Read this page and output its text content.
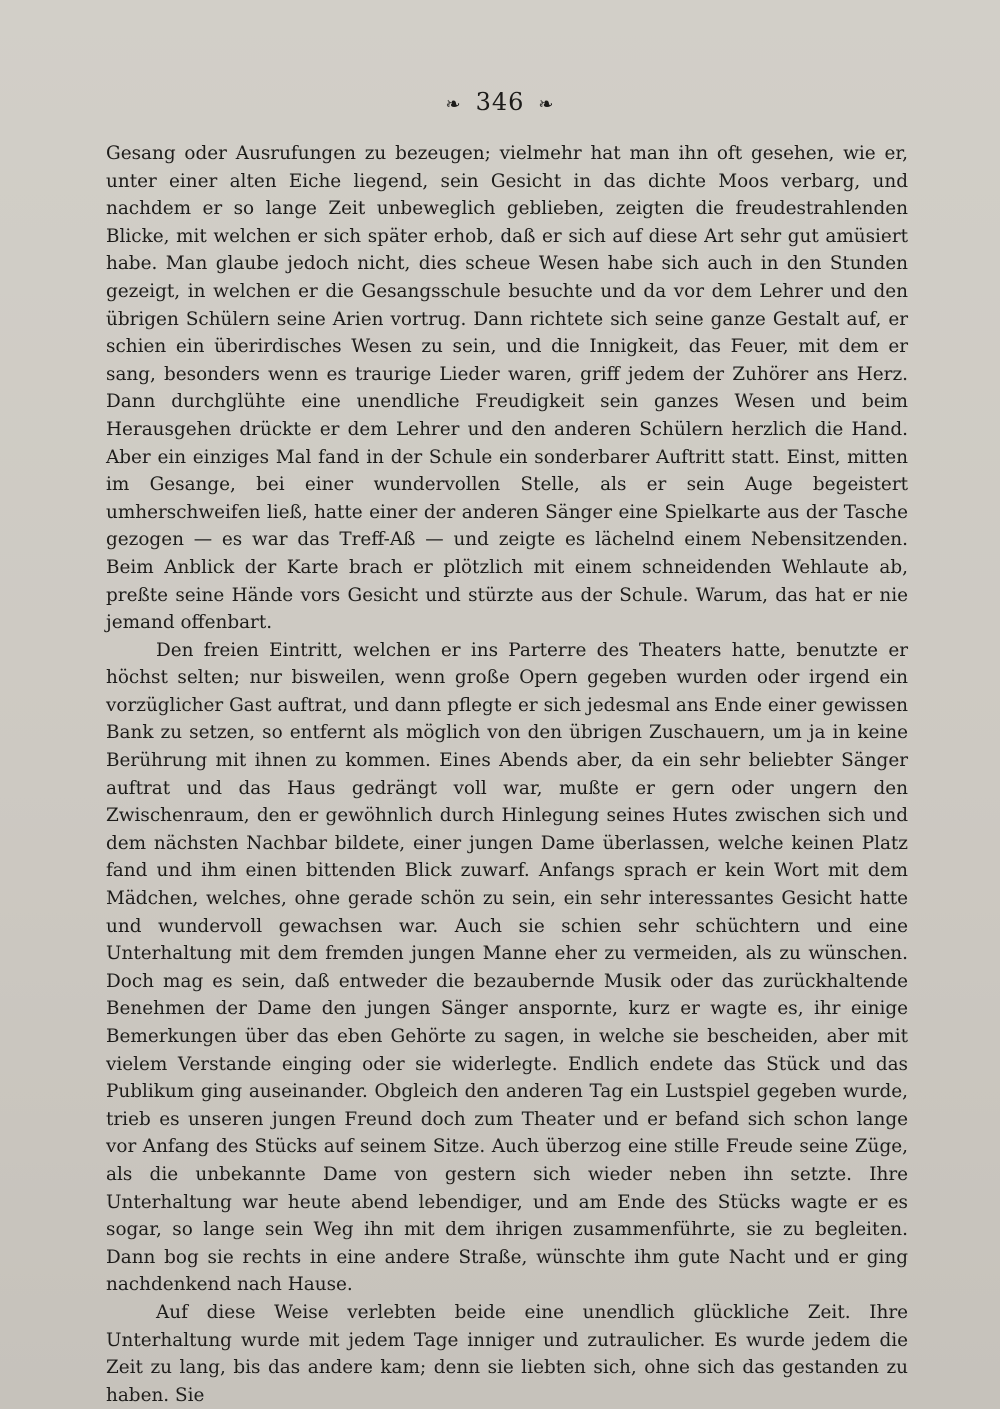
❧ 346 ❧

Gesang oder Ausrufungen zu bezeugen; vielmehr hat man ihn oft gesehen, wie er, unter einer alten Eiche liegend, sein Gesicht in das dichte Moos verbarg, und nachdem er so lange Zeit unbeweglich geblieben, zeigten die freudestrahlenden Blicke, mit welchen er sich später erhob, daß er sich auf diese Art sehr gut amüsiert habe. Man glaube jedoch nicht, dies scheue Wesen habe sich auch in den Stunden gezeigt, in welchen er die Gesangsschule besuchte und da vor dem Lehrer und den übrigen Schülern seine Arien vortrug. Dann richtete sich seine ganze Gestalt auf, er schien ein überirdisches Wesen zu sein, und die Innigkeit, das Feuer, mit dem er sang, besonders wenn es traurige Lieder waren, griff jedem der Zuhörer ans Herz. Dann durchglühte eine unendliche Freudigkeit sein ganzes Wesen und beim Herausgehen drückte er dem Lehrer und den anderen Schülern herzlich die Hand. Aber ein einziges Mal fand in der Schule ein sonderbarer Auftritt statt. Einst, mitten im Gesange, bei einer wundervollen Stelle, als er sein Auge begeistert umherschweifen ließ, hatte einer der anderen Sänger eine Spielkarte aus der Tasche gezogen — es war das Treff-Aß — und zeigte es lächelnd einem Nebensitzenden. Beim Anblick der Karte brach er plötzlich mit einem schneidenden Wehlaute ab, preßte seine Hände vors Gesicht und stürzte aus der Schule. Warum, das hat er nie jemand offenbart.

Den freien Eintritt, welchen er ins Parterre des Theaters hatte, benutzte er höchst selten; nur bisweilen, wenn große Opern gegeben wurden oder irgend ein vorzüglicher Gast auftrat, und dann pflegte er sich jedesmal ans Ende einer gewissen Bank zu setzen, so entfernt als möglich von den übrigen Zuschauern, um ja in keine Berührung mit ihnen zu kommen. Eines Abends aber, da ein sehr beliebter Sänger auftrat und das Haus gedrängt voll war, mußte er gern oder ungern den Zwischenraum, den er gewöhnlich durch Hinlegung seines Hutes zwischen sich und dem nächsten Nachbar bildete, einer jungen Dame überlassen, welche keinen Platz fand und ihm einen bittenden Blick zuwarf. Anfangs sprach er kein Wort mit dem Mädchen, welches, ohne gerade schön zu sein, ein sehr interessantes Gesicht hatte und wundervoll gewachsen war. Auch sie schien sehr schüchtern und eine Unterhaltung mit dem fremden jungen Manne eher zu vermeiden, als zu wünschen. Doch mag es sein, daß entweder die bezaubernde Musik oder das zurückhaltende Benehmen der Dame den jungen Sänger anspornte, kurz er wagte es, ihr einige Bemerkungen über das eben Gehörte zu sagen, in welche sie bescheiden, aber mit vielem Verstande einging oder sie widerlegte. Endlich endete das Stück und das Publikum ging auseinander. Obgleich den anderen Tag ein Lustspiel gegeben wurde, trieb es unseren jungen Freund doch zum Theater und er befand sich schon lange vor Anfang des Stücks auf seinem Sitze. Auch überzog eine stille Freude seine Züge, als die unbekannte Dame von gestern sich wieder neben ihn setzte. Ihre Unterhaltung war heute abend lebendiger, und am Ende des Stücks wagte er es sogar, so lange sein Weg ihn mit dem ihrigen zusammenführte, sie zu begleiten. Dann bog sie rechts in eine andere Straße, wünschte ihm gute Nacht und er ging nachdenkend nach Hause.

Auf diese Weise verlebten beide eine unendlich glückliche Zeit. Ihre Unterhaltung wurde mit jedem Tage inniger und zutraulicher. Es wurde jedem die Zeit zu lang, bis das andere kam; denn sie liebten sich, ohne sich das gestanden zu haben. Sie
